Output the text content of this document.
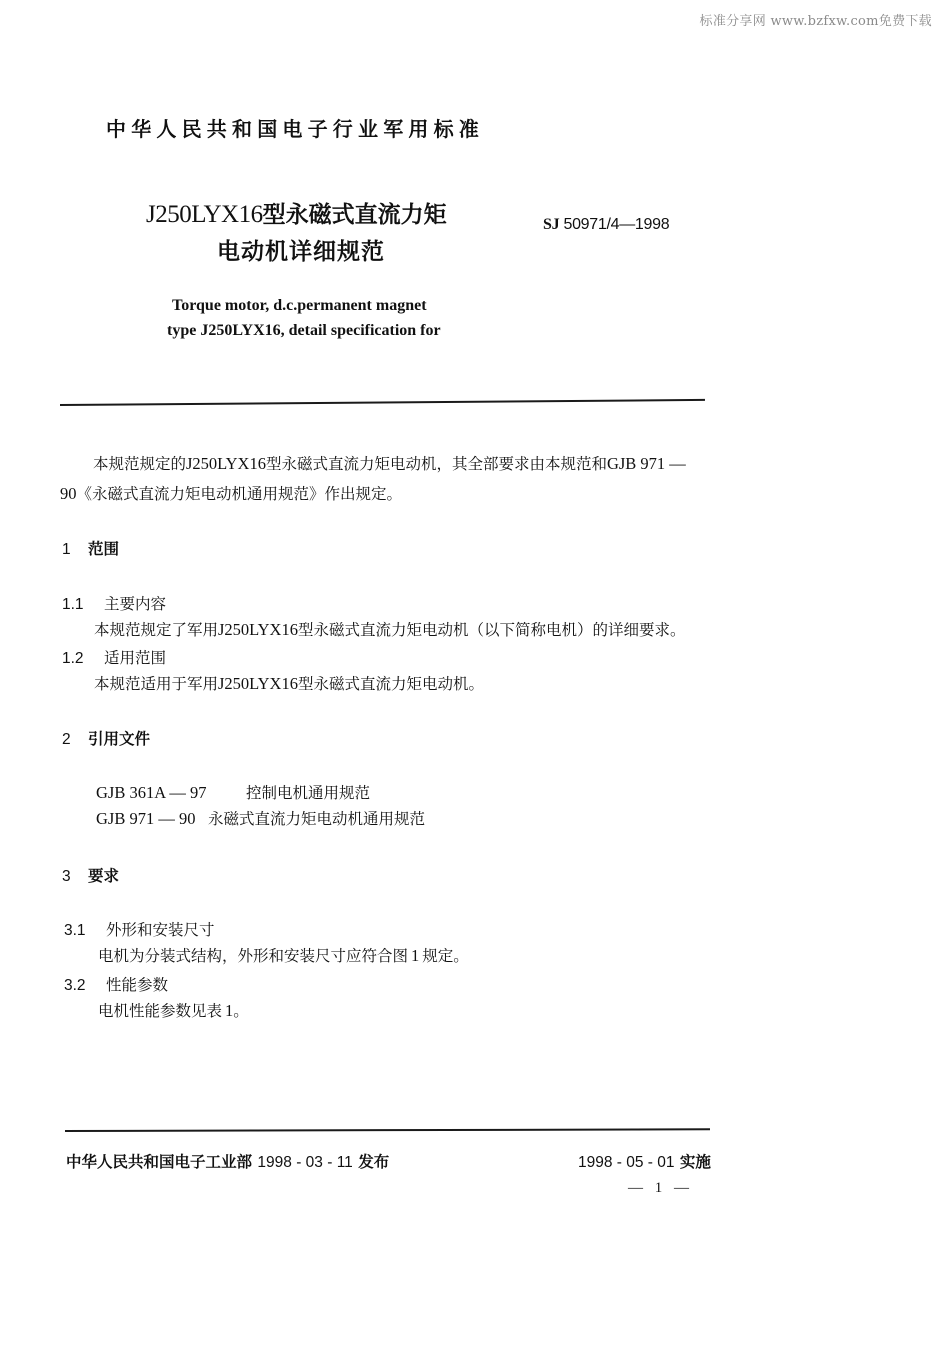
标准分享网 www.bzfxw.com免费下载
中华人民共和国电子行业军用标准
J250LYX16型永磁式直流力矩
电动机详细规范
SJ 50971/4—1998
Torque motor, d.c.permanent magnet
type J250LYX16, detail specification for
本规范规定的J250LYX16型永磁式直流力矩电动机，其全部要求由本规范和GJB 971 —
90《永磁式直流力矩电动机通用规范》作出规定。
1 范围
1.1 主要内容
本规范规定了军用J250LYX16型永磁式直流力矩电动机（以下简称电机）的详细要求。
1.2 适用范围
本规范适用于军用J250LYX16型永磁式直流力矩电动机。
2 引用文件
GJB 361A — 97	控制电机通用规范
GJB 971 — 90 永磁式直流力矩电动机通用规范
3 要求
3.1 外形和安装尺寸
电机为分装式结构，外形和安装尺寸应符合图 1 规定。
3.2 性能参数
电机性能参数见表 1。
中华人民共和国电子工业部 1998 - 03 - 11 发布	1998 - 05 - 01 实施
— 1 —
